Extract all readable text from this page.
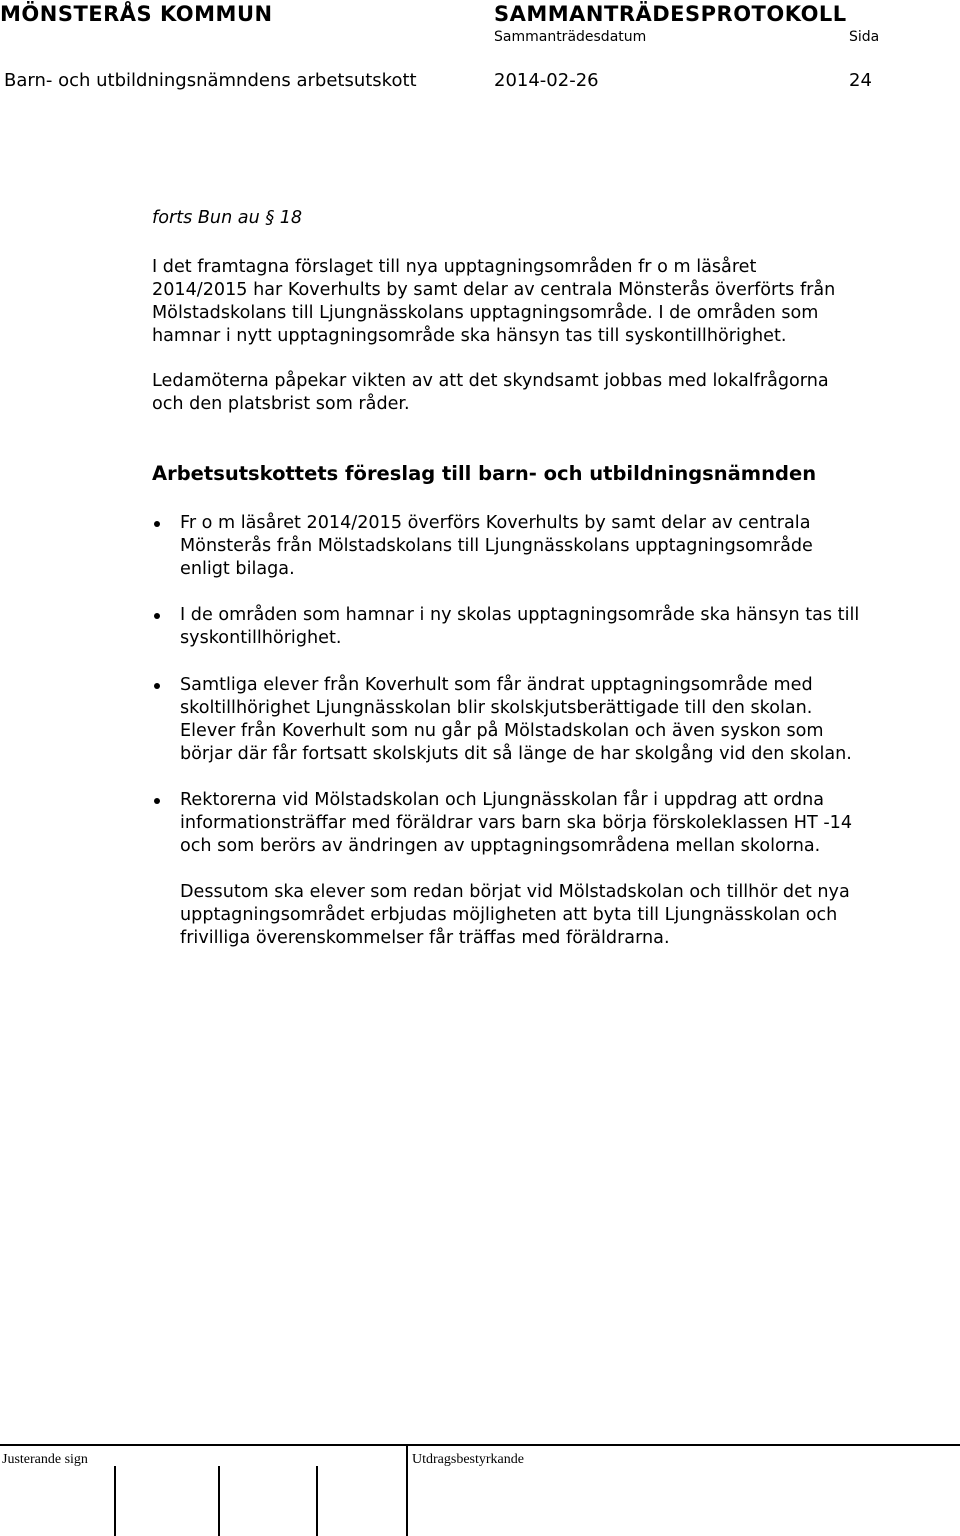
MÖNSTERÅS KOMMUN	SAMMANTRÄDESPROTOKOLL
Sammanträdesdatum	Sida
Barn- och utbildningsnämndens arbetsutskott	2014-02-26	24
forts Bun au § 18
I det framtagna förslaget till nya upptagningsområden fr o m läsåret
2014/2015 har Koverhults by samt delar av centrala Mönsterås överförts från
Mölstadskolans till Ljungnässkolans upptagningsområde. I de områden som
hamnar i nytt upptagningsområde ska hänsyn tas till syskontillhörighet.
Ledamöterna påpekar vikten av att det skyndsamt jobbas med lokalfrågorna
och den platsbrist som råder.
Arbetsutskottets föreslag till barn- och utbildningsnämnden
Fr o m läsåret 2014/2015 överförs Koverhults by samt delar av centrala
Mönsterås från Mölstadskolans till Ljungnässkolans upptagningsområde
enligt bilaga.
I de områden som hamnar i ny skolas upptagningsområde ska hänsyn tas till
syskontillhörighet.
Samtliga elever från Koverhult som får ändrat upptagningsområde med
skoltillhörighet Ljungnässkolan blir skolskjutsberättigade till den skolan.
Elever från Koverhult som nu går på Mölstadskolan och även syskon som
börjar där får fortsatt skolskjuts dit så länge de har skolgång vid den skolan.
Rektorerna vid Mölstadskolan och Ljungnässkolan får i uppdrag att ordna
informationsträffar med föräldrar vars barn ska börja förskoleklassen HT -14
och som berörs av ändringen av upptagningsområdena mellan skolorna.
Dessutom ska elever som redan börjat vid Mölstadskolan och tillhör det nya
upptagningsområdet erbjudas möjligheten att byta till Ljungnässkolan och
frivilliga överenskommelser får träffas med föräldrarna.
Justerande sign	Utdragsbestyrkande
